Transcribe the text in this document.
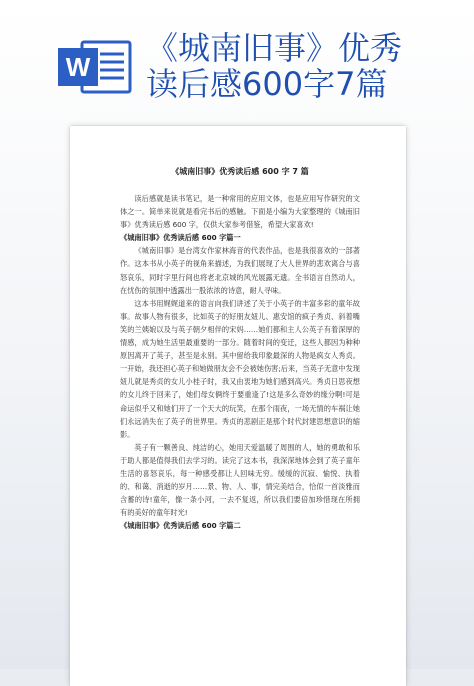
W 《城南旧事》优秀
读后感600字7篇
《城南旧事》优秀读后感 600 字 7 篇

读后感就是读书笔记，是一种常用的应用文体，也是应用写作研究的文体之一。简单来说就是看完书后的感触。下面是小编为大家整理的《城南旧事》优秀读后感 600 字，仅供大家参考借鉴，希望大家喜欢!

《城南旧事》优秀读后感 600 字篇一

《城南旧事》是台湾女作家林海音的代表作品，也是我很喜欢的一部著作。这本书从小英子的视角来描述，为我们展现了大人世界的悲欢离合与喜怒哀乐，同时字里行间也将老北京城的风光展露无遗。全书语言自然动人，在忧伤的氛围中透露出一股浓浓的诗意，耐人寻味。

这本书用娓娓道来的语言向我们讲述了关于小英子的丰富多彩的童年故事。故事人物有很多，比如英子的好朋友妞儿、惠安馆的疯子秀贞、斜着嘴笑的兰姨娘以及与英子朝夕相伴的宋妈……她们都和主人公英子有着深厚的情感，成为她生活里最重要的一部分。随着时间的变迁，这些人都因为种种原因离开了英子，甚至是永别。其中留给我印象最深的人物是疯女人秀贞。一开始，我还担心英子和她做朋友会不会被她伤害;后来，当英子无意中发现妞儿就是秀贞的女儿小桂子时，我又由衷地为她们感到高兴。秀贞日思夜想的女儿终于回来了，她们母女俩终于要重逢了!这是多么奇妙的缘分啊!可是命运似乎又和她们开了一个天大的玩笑，在那个雨夜，一场无情的车祸让她们永远消失在了英子的世界里。秀贞的悲剧正是那个时代封建思想意识的缩影。

英子有一颗善良、纯洁的心，她用天爱温暖了周围的人，她的勇敢和乐于助人都是值得我们去学习的。读完了这本书，我深深地体会到了英子童年生活的喜怒哀乐，每一种感受都让人回味无穷。缓缓的沉寂、愉悦、执着的、和蔼、消逝的岁月……景、物、人、事，情完美结合，恰似一首淡雅而含蓄的诗!童年，像一条小河，一去不复返，所以我们要倍加珍惜现在所拥有的美好的童年时光!

《城南旧事》优秀读后感 600 字篇二
